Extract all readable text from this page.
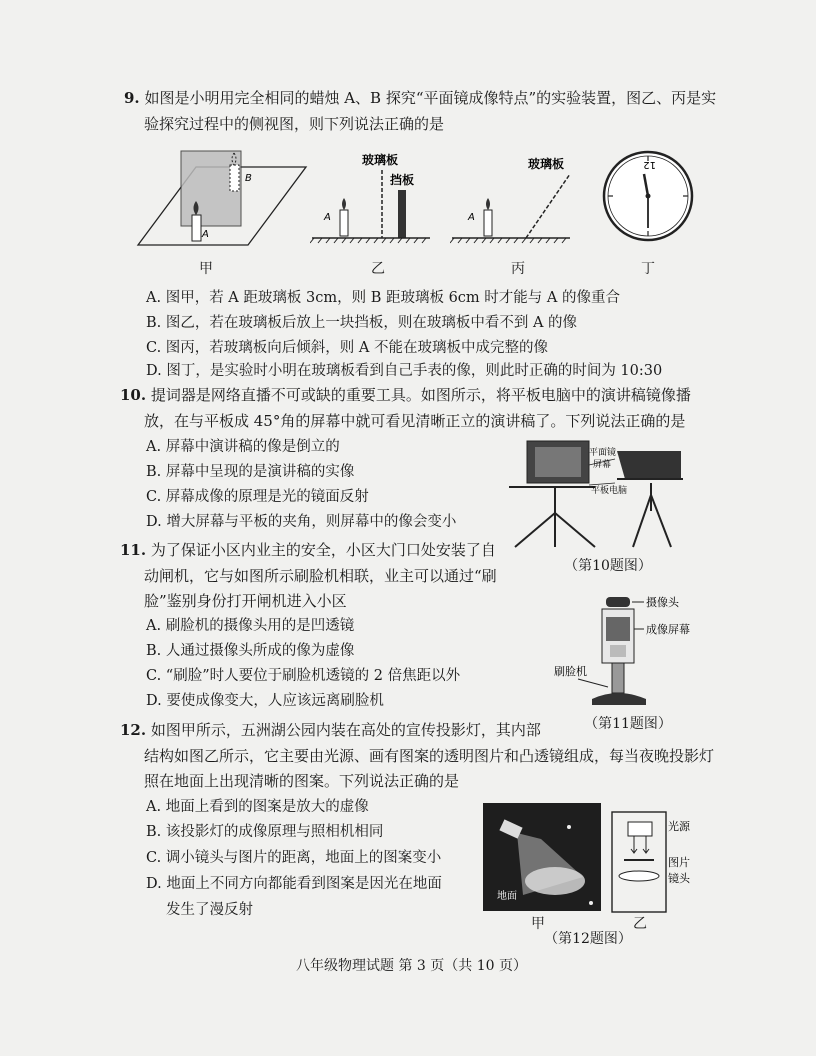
9. 如图是小明用完全相同的蜡烛 A、B 探究“平面镜成像特点”的实验装置，图乙、丙是实
验探究过程中的侧视图，则下列说法正确的是
B
A
甲
玻璃板
挡板
A
乙
玻璃板
A
丙
12
丁
A. 图甲，若 A 距玻璃板 3cm，则 B 距玻璃板 6cm 时才能与 A 的像重合
B. 图乙，若在玻璃板后放上一块挡板，则在玻璃板中看不到 A 的像
C. 图丙，若玻璃板向后倾斜，则 A 不能在玻璃板中成完整的像
D. 图丁，是实验时小明在玻璃板看到自己手表的像，则此时正确的时间为 10:30
10. 提词器是网络直播不可或缺的重要工具。如图所示，将平板电脑中的演讲稿镜像播
放，在与平板成 45°角的屏幕中就可看见清晰正立的演讲稿了。下列说法正确的是
A. 屏幕中演讲稿的像是倒立的
B. 屏幕中呈现的是演讲稿的实像
C. 屏幕成像的原理是光的镜面反射
D. 增大屏幕与平板的夹角，则屏幕中的像会变小
平面镜
屏幕
平板电脑
（第10题图）
11. 为了保证小区内业主的安全，小区大门口处安装了自
动闸机，它与如图所示刷脸机相联，业主可以通过“刷
脸”鉴别身份打开闸机进入小区
A. 刷脸机的摄像头用的是凹透镜
B. 人通过摄像头所成的像为虚像
C. “刷脸”时人要位于刷脸机透镜的 2 倍焦距以外
D. 要使成像变大，人应该远离刷脸机
摄像头
成像屏幕
刷脸机
（第11题图）
12. 如图甲所示，五洲湖公园内装在高处的宣传投影灯，其内部
结构如图乙所示，它主要由光源、画有图案的透明图片和凸透镜组成，每当夜晚投影灯
照在地面上出现清晰的图案。下列说法正确的是
A. 地面上看到的图案是放大的虚像
B. 该投影灯的成像原理与照相机相同
C. 调小镜头与图片的距离，地面上的图案变小
D. 地面上不同方向都能看到图案是因光在地面
发生了漫反射
地面
甲
光源
图片
镜头
乙
（第12题图）
八年级物理试题 第 3 页（共 10 页）
